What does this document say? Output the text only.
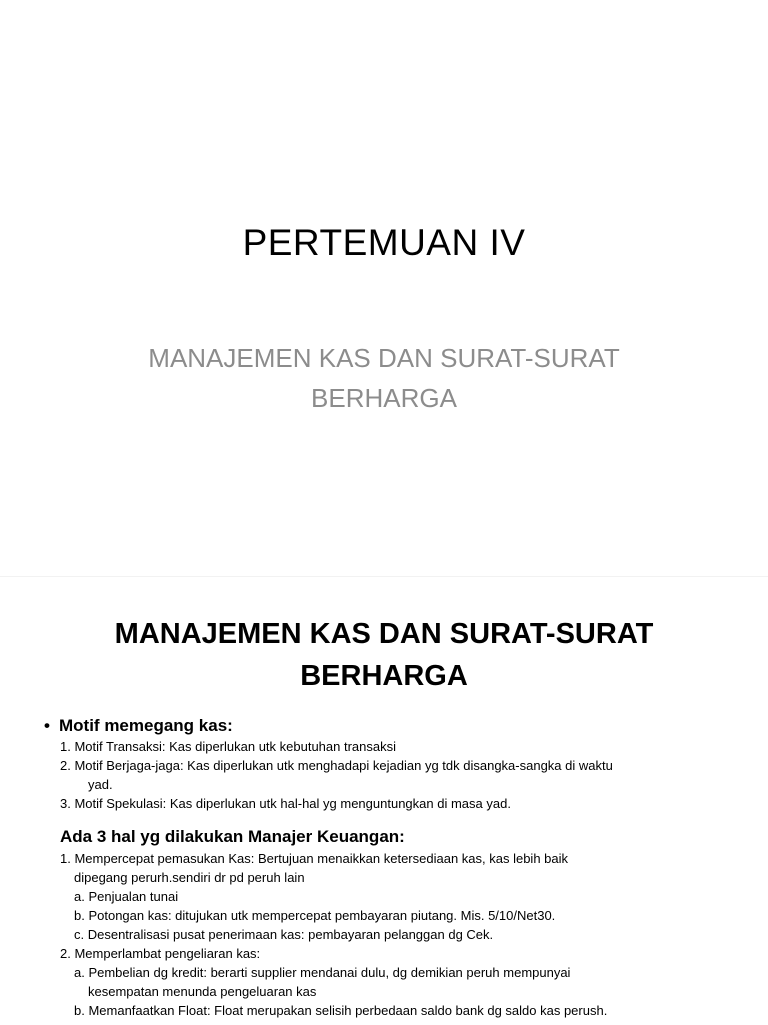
PERTEMUAN IV
MANAJEMEN KAS DAN SURAT-SURAT
BERHARGA
MANAJEMEN KAS DAN SURAT-SURAT
BERHARGA
• Motif memegang kas:
1. Motif Transaksi: Kas diperlukan utk kebutuhan transaksi
2. Motif Berjaga-jaga: Kas diperlukan utk menghadapi kejadian yg tdk disangka-sangka di waktu
yad.
3. Motif Spekulasi: Kas diperlukan utk hal-hal yg menguntungkan di masa yad.
Ada 3 hal yg dilakukan Manajer Keuangan:
1. Mempercepat pemasukan Kas: Bertujuan menaikkan ketersediaan kas, kas lebih baik
dipegang perurh.sendiri dr pd peruh lain
a. Penjualan tunai
b. Potongan kas: ditujukan utk mempercepat pembayaran piutang. Mis. 5/10/Net30.
c. Desentralisasi pusat penerimaan kas: pembayaran pelanggan dg Cek.
2. Memperlambat pengeliaran kas:
a. Pembelian dg kredit: berarti supplier mendanai dulu, dg demikian peruh mempunyai
kesempatan menunda pengeluaran kas
b. Memanfaatkan Float: Float merupakan selisih perbedaan saldo bank dg saldo kas perush.
